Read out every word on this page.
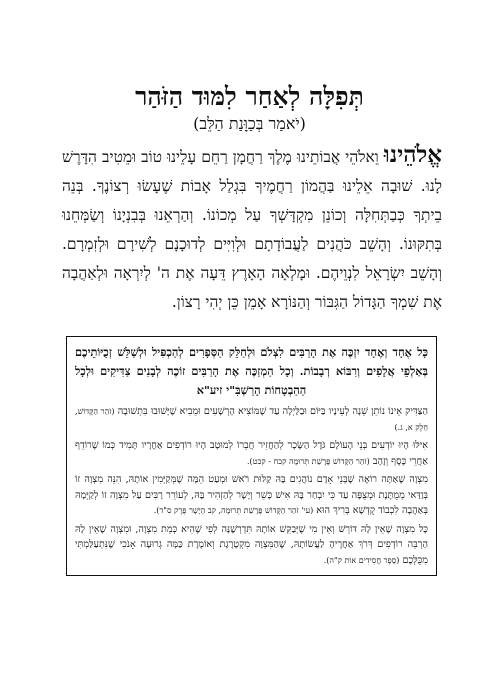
תְּפִלָּה לְאַחַר לִמּוּד הַזֹּהַר
(יֹאמַר בְּכַוָּנַת הַלֵּב)
אֱלֹהֵינוּ וֵאלֹהֵי אֲבוֹתֵינוּ מֶלֶךְ רַחֲמָן רַחֵם עָלֵינוּ טוֹב וּמֵטִיב הִדָּרֶשׁ לָנוּ. שׁוּבָה אֵלֵינוּ בַּהֲמוֹן רַחֲמֶיךָ בִּגְלַל אָבוֹת שֶׁעָשׂוּ רְצוֹנֶךָ. בְּנֵה בֵיתְךָ כְּבַתְּחִלָּה וְכוֹנֵן מִקְדָּשְׁךָ עַל מְכוֹנוֹ. וְהַרְאֵנוּ בְּבִנְיָנוֹ וְשַׂמְּחֵנוּ בְּתִקּוּנוֹ. וְהָשֵׁב כֹּהֲנִים לַעֲבוֹדָתָם וּלְוִיִּים לְדוּכָנָם לְשִׁירָם וּלְזִמְרָם. וְהָשֵׁב יִשְׂרָאֵל לִנְוֵיהֶם. וּמָלְאָה הָאָרֶץ דֵּעָה אֶת ה' לְיִרְאָה וּלְאַהֲבָה אֶת שִׁמְךָ הַגָּדוֹל הַגִּבּוֹר וְהַנּוֹרָא אָמֵן כֵּן יְהִי רָצוֹן.

כָּל אֶחָד וְאֶחָד יִזְכֶּה אֶת הָרַבִּים לִצְלֹם וּלְחַלֵּק הַסְּפָרִים לְהַכְפִּיל וּלְשַׁלֵּשׁ זְכֻיּוֹתֵיכֶם בְּאַלְפֵי אֲלָפִים וְרִבּוֹא רְבָבוֹת. וְכָל הַמְזַכֶּה אֶת הָרַבִּים זוֹכֶה לְבָנִים צַדִּיקִים וּלְכָל הַהַבְטָחוֹת הָרַשְׁבִּ"י זיע"א

הַצַּדִּיק אֵינוֹ נוֹתֵן שֵׁנָה לְעֵינָיו בַּיּוֹם וּבַלַּיְלָה עַד שֶׁמּוֹצִיא הָרְשָׁעִים וּמֵבִיא שֶׁיָּשׁוּבוּ בִּתְשׁוּבָה (זֹהַר הַקָּדוֹשׁ, חֵלֶק א, ג.)

אִילּוּ הָיוּ יוֹדְעִים בְּנֵי הָעוֹלָם גֹּדֶל הַשָּׂכָר לְהַחֲזִיר חֲבֵרוֹ לְמוּטָב הָיוּ רוֹדְפִים אַחֲרָיו תָּמִיד כְּמוֹ שֶׁרוֹדֵף אַחֲרֵי כֶּסֶף וְזָהָב (זֹהַר הַקָּדוֹשׁ פָּרָשַׁת תְּרוּמָה קכח - קכט).

מִצְוָה שֶׁאַתָּה רוֹאֶה שֶׁבְּנֵי אָדָם נוֹהֲגִים בָּהּ קַלּוּת רֹאשׁ וּמְעַט הֵמָּה שֶׁמְּקַיְּמִין אוֹתָהּ, הִנֵּה מִצְוָה זוֹ בְּוַדַּאי מְמֻתֶּנֶת וּמְצֻפָּה עַד כִּי יִבְחַר בָּהּ אִישׁ כָּשֵׁר וְיָשָׁר לְהַזְהִיר בָּהּ, לְעוֹרֵר רַבִּים עַל מִצְוָה זוֹ לְקַיְּמָהּ בְּאַהֲבָה לִכְבוֹד קֻדְשָׁא בְּרִיךְ הוּא (עי' זֹהַר הַקָּדוֹשׁ פָּרָשַׁת תְּרוּמָה, קב הַיָּשָׁר פֶּרֶק ס"ד).

כָּל מִצְוָה שֶׁאֵין לָהּ דּוֹרֵשׁ וְאֵין מִי שֶׁיְּבַקֵּשׁ אוֹתָהּ תִּדְרְשֶׁנָּה לְפִי שֶׁהִיא כְּמֵת מִצְוָה, וּמִצְוָה שֶׁאֵין לָהּ הַרְבֵּה רוֹדְפִים דְּרֹךְ אַחֲרֶיהָ לַעֲשׂוֹתָהּ, שֶׁהַמִּצְוָה מִקְטָרֶגֶת וְאוֹמֶרֶת כַּמָּה גְרוּעָה אָנֹכִי שֶׁנִּתְעַלַּמְתִּי מִכֻּלְּכֶם (סֵפֶר חֲסִידִים אוֹת ק"ה).
